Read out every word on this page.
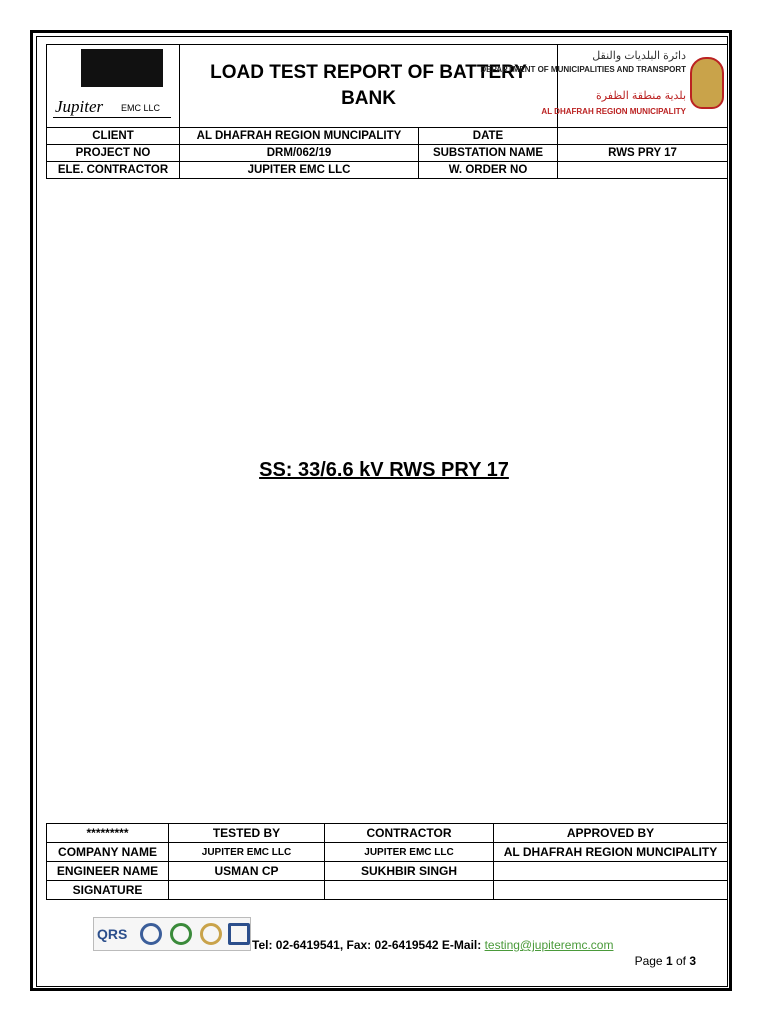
Jupiter EMC LLC	LOAD TEST REPORT OF BATTERY BANK		دائرة البلديات والنقل
DEPARTMENT OF MUNICIPALITIES AND TRANSPORT
بلدية منطقة الظفرة
AL DHAFRAH REGION MUNICIPALITY

CLIENT	AL DHAFRAH REGION MUNCIPALITY	DATE	
PROJECT NO	DRM/062/19	SUBSTATION NAME	RWS PRY 17
ELE. CONTRACTOR	JUPITER EMC LLC	W. ORDER NO	
SS: 33/6.6 kV RWS PRY 17
*********	TESTED BY	CONTRACTOR	APPROVED BY
COMPANY NAME	JUPITER EMC LLC	JUPITER EMC LLC	AL DHAFRAH REGION MUNCIPALITY
ENGINEER NAME	USMAN CP	SUKHBIR SINGH	
SIGNATURE			
QRS
Tel: 02-6419541, Fax: 02-6419542 E-Mail: testing@jupiteremc.com
Page 1 of 3
